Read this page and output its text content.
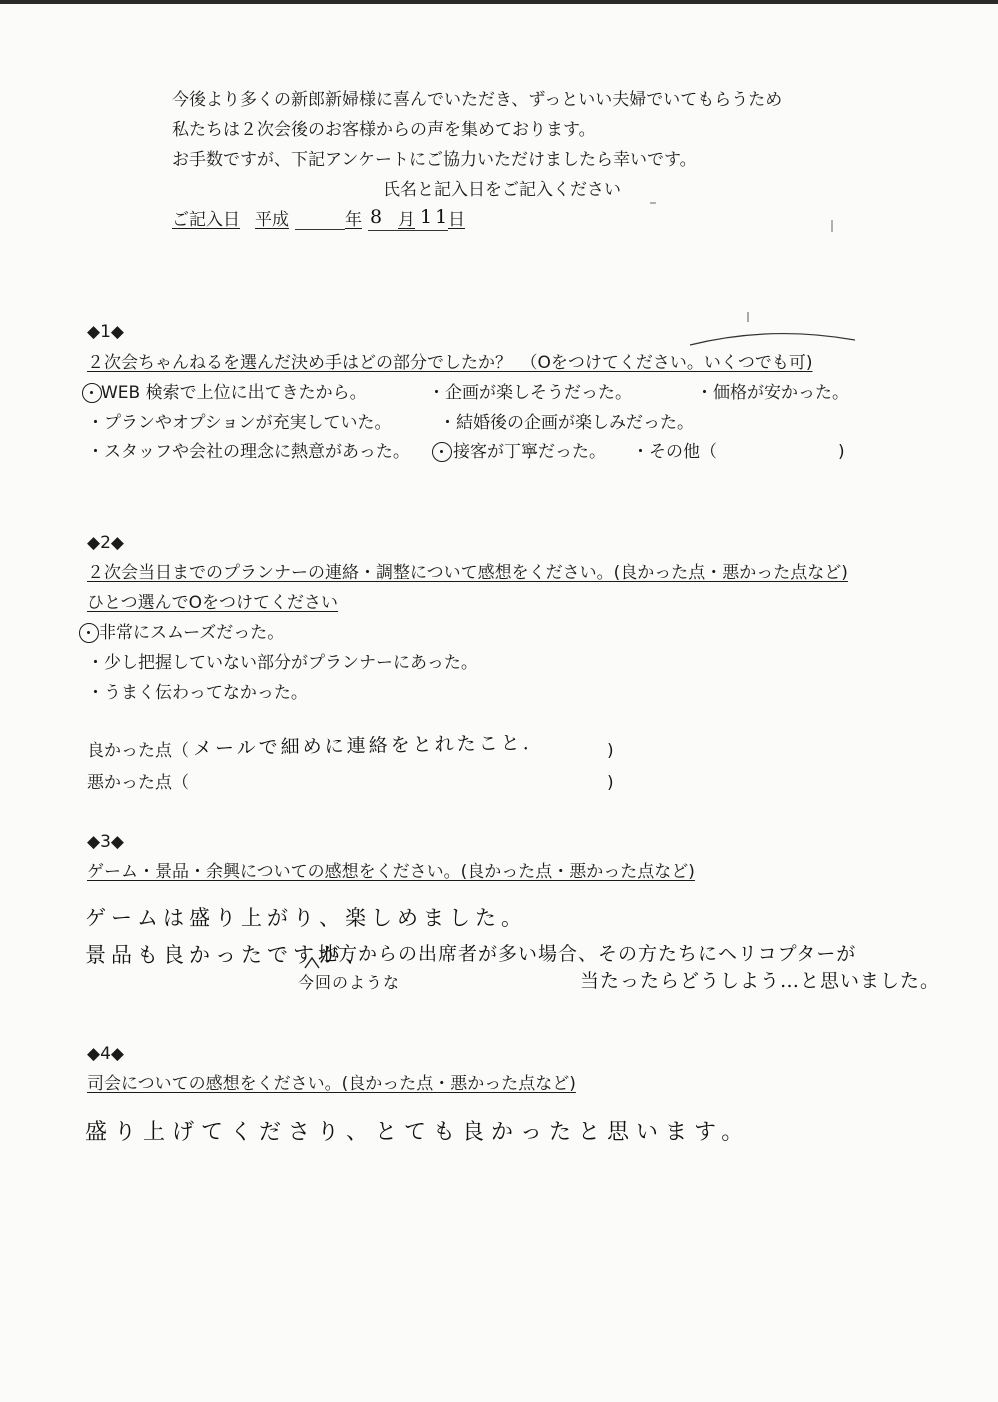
今後より多くの新郎新婦様に喜んでいただき、ずっといい夫婦でいてもらうため
私たちは２次会後のお客様からの声を集めております。
お手数ですが、下記アンケートにご協力いただけましたら幸いです。
氏名と記入日をご記入ください
ご記入日 平成	年 8 月 11
日
◆1◆
２次会ちゃんねるを選んだ決め手はどの部分でしたか？　（Oをつけてください。いくつでも可)
WEB 検索で上位に出てきたから。	・企画が楽しそうだった。	・価格が安かった。
・プランやオプションが充実していた。	・結婚後の企画が楽しみだった。
・スタッフや会社の理念に熱意があった。	接客が丁寧だった。 ・その他（	)
◆2◆
２次会当日までのプランナーの連絡・調整について感想をください。(良かった点・悪かった点など)
ひとつ選んでOをつけてください
非常にスムーズだった。
・少し把握していない部分がプランナーにあった。
・うまく伝わってなかった。
良かった点（ メールで細めに連絡をとれたこと.	)
悪かった点（	)
◆3◆
ゲーム・景品・余興についての感想をください。(良かった点・悪かった点など)
ゲームは盛り上がり、楽しめました。
景品も良かったですが、
地方からの出席者が多い場合、その方たちにヘリコプターが
今回のような	当たったらどうしよう…と思いました。
◆4◆
司会についての感想をください。(良かった点・悪かった点など)
盛り上げてくださり、とても良かったと思います。
